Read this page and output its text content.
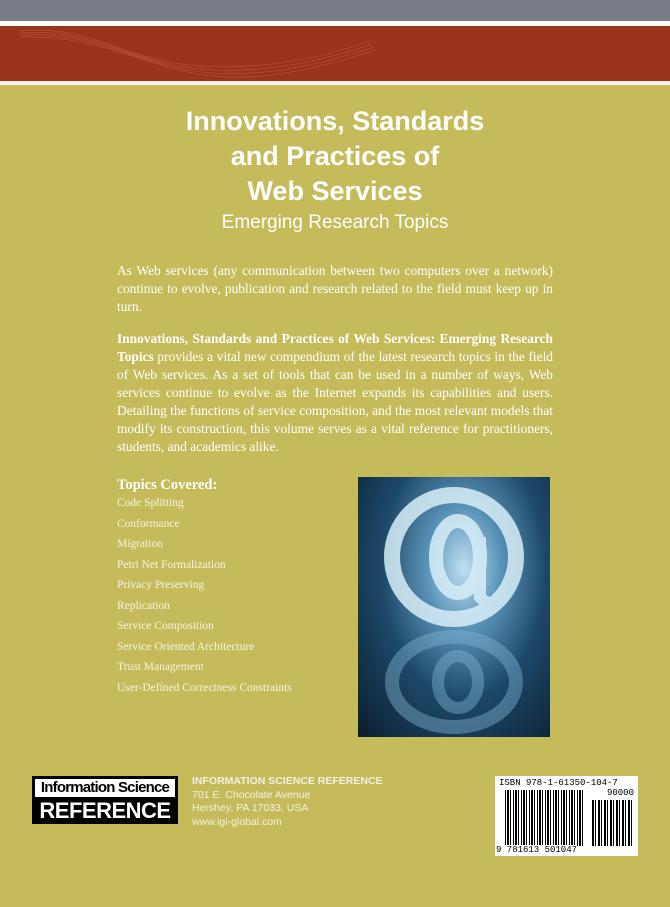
Innovations, Standards
and Practices of
Web Services
Emerging Research Topics
As Web services (any communication between two computers over a network) continue to evolve, publication and research related to the field must keep up in turn.
Innovations, Standards and Practices of Web Services: Emerging Research Topics provides a vital new compendium of the latest research topics in the field of Web services. As a set of tools that can be used in a number of ways, Web services continue to evolve as the Internet expands its capabilities and users. Detailing the functions of service composition, and the most relevant models that modify its construction, this volume serves as a vital reference for practitioners, students, and academics alike.
Topics Covered:
Code Splitting
Conformance
Migration
Petri Net Formalization
Privacy Preserving
Replication
Service Composition
Service Oriented Architecture
Trust Management
User-Defined Correctness Constraints
Information Science
REFERENCE
INFORMATION SCIENCE REFERENCE
701 E. Chocolate Avenue
Hershey, PA 17033, USA
www.igi-global.com
ISBN 978-1-61350-104-7
90000
9 781613 501047
